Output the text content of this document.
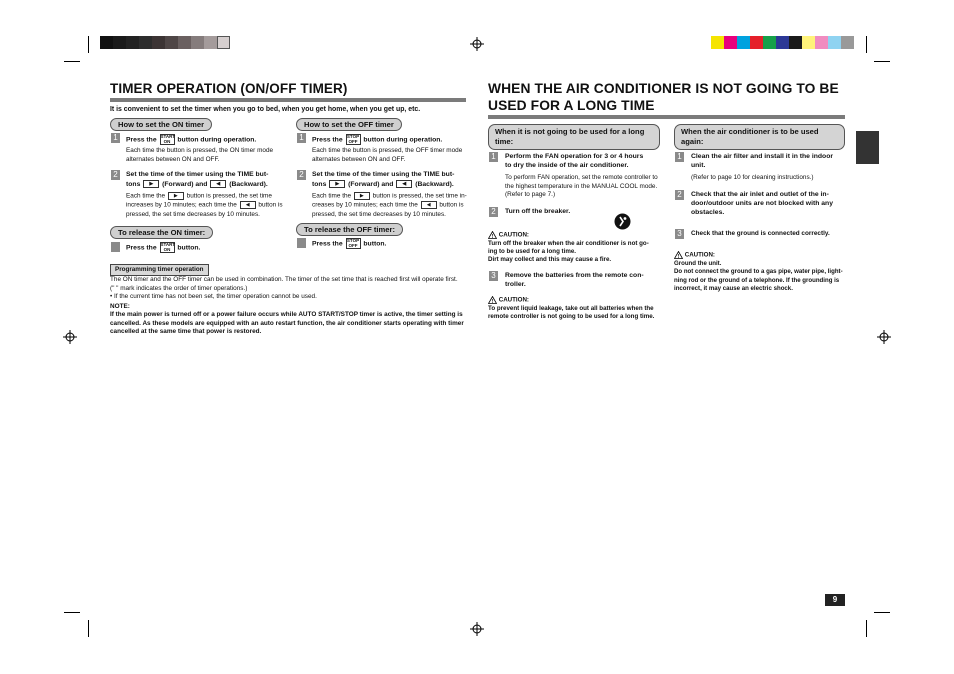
TIMER OPERATION (ON/OFF TIMER)
It is convenient to set the timer when you go to bed, when you get home, when you get up, etc.
How to set the ON timer
1	Press the START
ON button during operation.
Each time the button is pressed, the ON timer mode
alternates between ON and OFF.
2	Set the time of the timer using the TIME but-
tons ▶ (Forward) and ◀ (Backward).
Each time the ▶ button is pressed, the set time
increases by 10 minutes; each time the ◀ button is
pressed, the set time decreases by 10 minutes.
To release the ON timer:
Press the START
ON button.
How to set the OFF timer
1	Press the STOP
OFF button during operation.
Each time the button is pressed, the OFF timer mode
alternates between ON and OFF.
2	Set the time of the timer using the TIME but-
tons ▶ (Forward) and ◀ (Backward).
Each time the ▶ button is pressed, the set time in-
creases by 10 minutes; each time the ◀ button is
pressed, the set time decreases by 10 minutes.
To release the OFF timer:
Press the STOP
OFF button.
Programming timer operation
The ON timer and the OFF timer can be used in combination. The timer of the set time that is reached first will operate first.
(" " mark indicates the order of timer operations.)
• If the current time has not been set, the timer operation cannot be used.
NOTE:
If the main power is turned off or a power failure occurs while AUTO START/STOP timer is active, the timer setting is
cancelled. As these models are equipped with an auto restart function, the air conditioner starts operating with timer
cancelled at the same time that power is restored.
WHEN THE AIR CONDITIONER IS NOT GOING TO BE
USED FOR A LONG TIME
When it is not going to be used for a long time:
1	Perform the FAN operation for 3 or 4 hours
to dry the inside of the air conditioner.
To perform FAN operation, set the remote controller to
the highest temperature in the MANUAL COOL mode.
(Refer to page 7.)
2	Turn off the breaker.
! CAUTION:
Turn off the breaker when the air conditioner is not go-
ing to be used for a long time.
Dirt may collect and this may cause a fire.
3	Remove the batteries from the remote con-
troller.
! CAUTION:
To prevent liquid leakage, take out all batteries when the
remote controller is not going to be used for a long time.
When the air conditioner is to be used again:
1	Clean the air filter and install it in the indoor
unit.
(Refer to page 10 for cleaning instructions.)
2	Check that the air inlet and outlet of the in-
door/outdoor units are not blocked with any
obstacles.
3	Check that the ground is connected correctly.
! CAUTION:
Ground the unit.
Do not connect the ground to a gas pipe, water pipe, light-
ning rod or the ground of a telephone. If the grounding is
incorrect, it may cause an electric shock.
9
